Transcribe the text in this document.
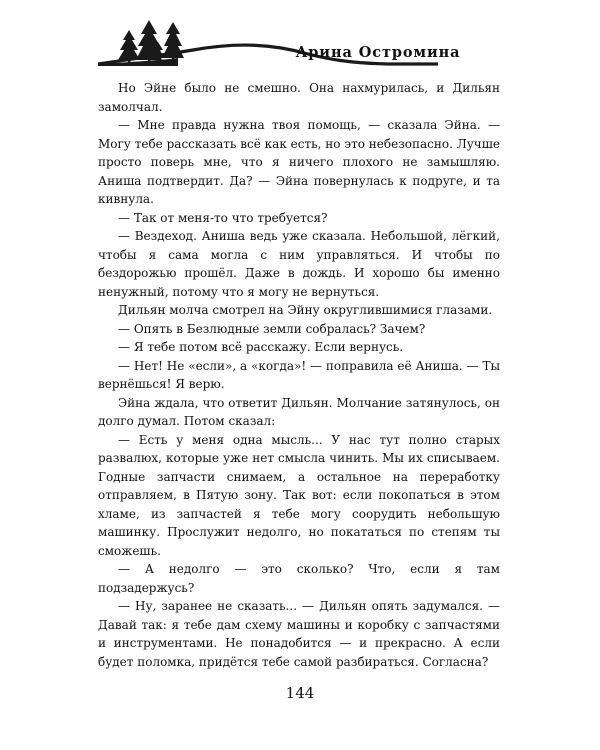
Арина Остромина

Но Эйне было не смешно. Она нахмурилась, и Дильян замолчал.

— Мне правда нужна твоя помощь, — сказала Эйна. — Могу тебе рассказать всё как есть, но это небезопасно. Лучше просто поверь мне, что я ничего плохого не замышляю. Аниша подтвердит. Да? — Эйна повернулась к подруге, и та кивнула.

— Так от меня-то что требуется?

— Вездеход. Аниша ведь уже сказала. Небольшой, лёгкий, чтобы я сама могла с ним управляться. И чтобы по бездорожью прошёл. Даже в дождь. И хорошо бы именно ненужный, потому что я могу не вернуться.

Дильян молча смотрел на Эйну округлившимися глазами.

— Опять в Безлюдные земли собралась? Зачем?

— Я тебе потом всё расскажу. Если вернусь.

— Нет! Не «если», а «когда»! — поправила её Аниша. — Ты вернёшься! Я верю.

Эйна ждала, что ответит Дильян. Молчание затянулось, он долго думал. Потом сказал:

— Есть у меня одна мысль... У нас тут полно старых развалюх, которые уже нет смысла чинить. Мы их списываем. Годные запчасти снимаем, а остальное на переработку отправляем, в Пятую зону. Так вот: если покопаться в этом хламе, из запчастей я тебе могу соорудить небольшую машинку. Прослужит недолго, но покататься по степям ты сможешь.

— А недолго — это сколько? Что, если я там подзадержусь?

— Ну, заранее не сказать... — Дильян опять задумался. — Давай так: я тебе дам схему машины и коробку с запчастями и инструментами. Не понадобится — и прекрасно. А если будет поломка, придётся тебе самой разбираться. Согласна?

144
